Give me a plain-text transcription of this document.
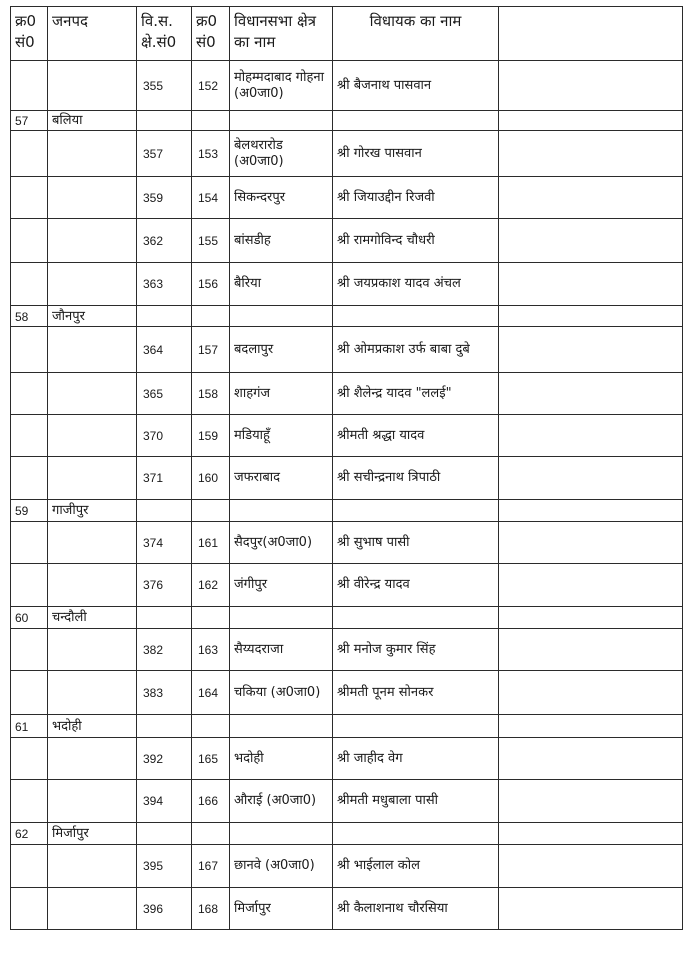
क्र0 सं0	जनपद	वि.स. क्षे.सं0	क्र0 सं0	विधानसभा क्षेत्र का नाम	विधायक का नाम	
		355	152	मोहम्मदाबाद गोहना (अ0जा0)	श्री बैजनाथ पासवान	
57	बलिया					
		357	153	बेलथरारोड (अ0जा0)	श्री गोरख पासवान	
		359	154	सिकन्दरपुर	श्री जियाउद्दीन रिजवी	
		362	155	बांसडीह	श्री रामगोविन्द चौधरी	
		363	156	बैरिया	श्री जयप्रकाश यादव अंचल	
58	जौनपुर					
		364	157	बदलापुर	श्री ओमप्रकाश उर्फ बाबा दुबे	
		365	158	शाहगंज	श्री शैलेन्द्र यादव "ललई"	
		370	159	मडियाहूँ	श्रीमती श्रद्धा यादव	
		371	160	जफराबाद	श्री सचीन्द्रनाथ त्रिपाठी	
59	गाजीपुर					
		374	161	सैदपुर(अ0जा0)	श्री सुभाष पासी	
		376	162	जंगीपुर	श्री वीरेन्द्र यादव	
60	चन्दौली					
		382	163	सैय्यदराजा	श्री मनोज कुमार सिंह	
		383	164	चकिया (अ0जा0)	श्रीमती पूनम सोनकर	
61	भदोही					
		392	165	भदोही	श्री जाहीद वेग	
		394	166	औराई (अ0जा0)	श्रीमती मधुबाला पासी	
62	मिर्जापुर					
		395	167	छानवे (अ0जा0)	श्री भाईलाल कोल	
		396	168	मिर्जापुर	श्री कैलाशनाथ चौरसिया	
